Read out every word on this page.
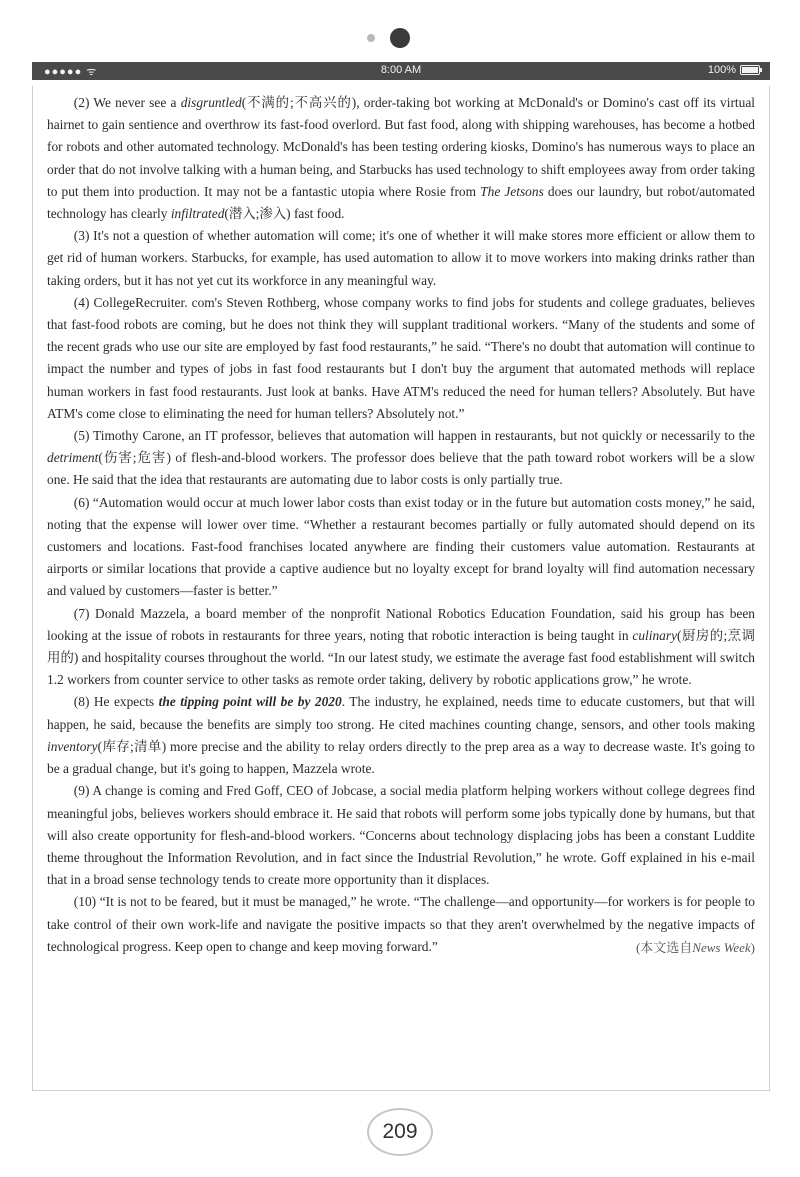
●●●●● ᯤ	8:00 AM	100%

(2) We never see a disgruntled(不满的;不高兴的), order-taking bot working at McDonald's or Domino's cast off its virtual hairnet to gain sentience and overthrow its fast-food overlord. But fast food, along with shipping warehouses, has become a hotbed for robots and other automated technology. McDonald's has been testing ordering kiosks, Domino's has numerous ways to place an order that do not involve talking with a human being, and Starbucks has used technology to shift employees away from order taking to put them into production. It may not be a fantastic utopia where Rosie from The Jetsons does our laundry, but robot/automated technology has clearly infiltrated(潜入;渗入) fast food.

(3) It's not a question of whether automation will come; it's one of whether it will make stores more efficient or allow them to get rid of human workers. Starbucks, for example, has used automation to allow it to move workers into making drinks rather than taking orders, but it has not yet cut its workforce in any meaningful way.

(4) CollegeRecruiter. com's Steven Rothberg, whose company works to find jobs for students and college graduates, believes that fast-food robots are coming, but he does not think they will supplant traditional workers. “Many of the students and some of the recent grads who use our site are employed by fast food restaurants,” he said. “There's no doubt that automation will continue to impact the number and types of jobs in fast food restaurants but I don't buy the argument that automated methods will replace human workers in fast food restaurants. Just look at banks. Have ATM's reduced the need for human tellers? Absolutely. But have ATM's come close to eliminating the need for human tellers? Absolutely not.”

(5) Timothy Carone, an IT professor, believes that automation will happen in restaurants, but not quickly or necessarily to the detriment(伤害;危害) of flesh-and-blood workers. The professor does believe that the path toward robot workers will be a slow one. He said that the idea that restaurants are automating due to labor costs is only partially true.

(6) “Automation would occur at much lower labor costs than exist today or in the future but automation costs money,” he said, noting that the expense will lower over time. “Whether a restaurant becomes partially or fully automated should depend on its customers and locations. Fast-food franchises located anywhere are finding their customers value automation. Restaurants at airports or similar locations that provide a captive audience but no loyalty except for brand loyalty will find automation necessary and valued by customers—faster is better.”

(7) Donald Mazzela, a board member of the nonprofit National Robotics Education Foundation, said his group has been looking at the issue of robots in restaurants for three years, noting that robotic interaction is being taught in culinary(厨房的;烹调用的) and hospitality courses throughout the world. “In our latest study, we estimate the average fast food establishment will switch 1.2 workers from counter service to other tasks as remote order taking, delivery by robotic applications grow,” he wrote.

(8) He expects the tipping point will be by 2020. The industry, he explained, needs time to educate customers, but that will happen, he said, because the benefits are simply too strong. He cited machines counting change, sensors, and other tools making inventory(库存;清单) more precise and the ability to relay orders directly to the prep area as a way to decrease waste. It's going to be a gradual change, but it's going to happen, Mazzela wrote.

(9) A change is coming and Fred Goff, CEO of Jobcase, a social media platform helping workers without college degrees find meaningful jobs, believes workers should embrace it. He said that robots will perform some jobs typically done by humans, but that will also create opportunity for flesh-and-blood workers. “Concerns about technology displacing jobs has been a constant Luddite theme throughout the Information Revolution, and in fact since the Industrial Revolution,” he wrote. Goff explained in his e-mail that in a broad sense technology tends to create more opportunity than it displaces.

(10) “It is not to be feared, but it must be managed,” he wrote. “The challenge—and opportunity—for workers is for people to take control of their own work-life and navigate the positive impacts so that they aren't overwhelmed by the negative impacts of technological progress. Keep open to change and keep moving forward.”	(本文选自News Week)
209
